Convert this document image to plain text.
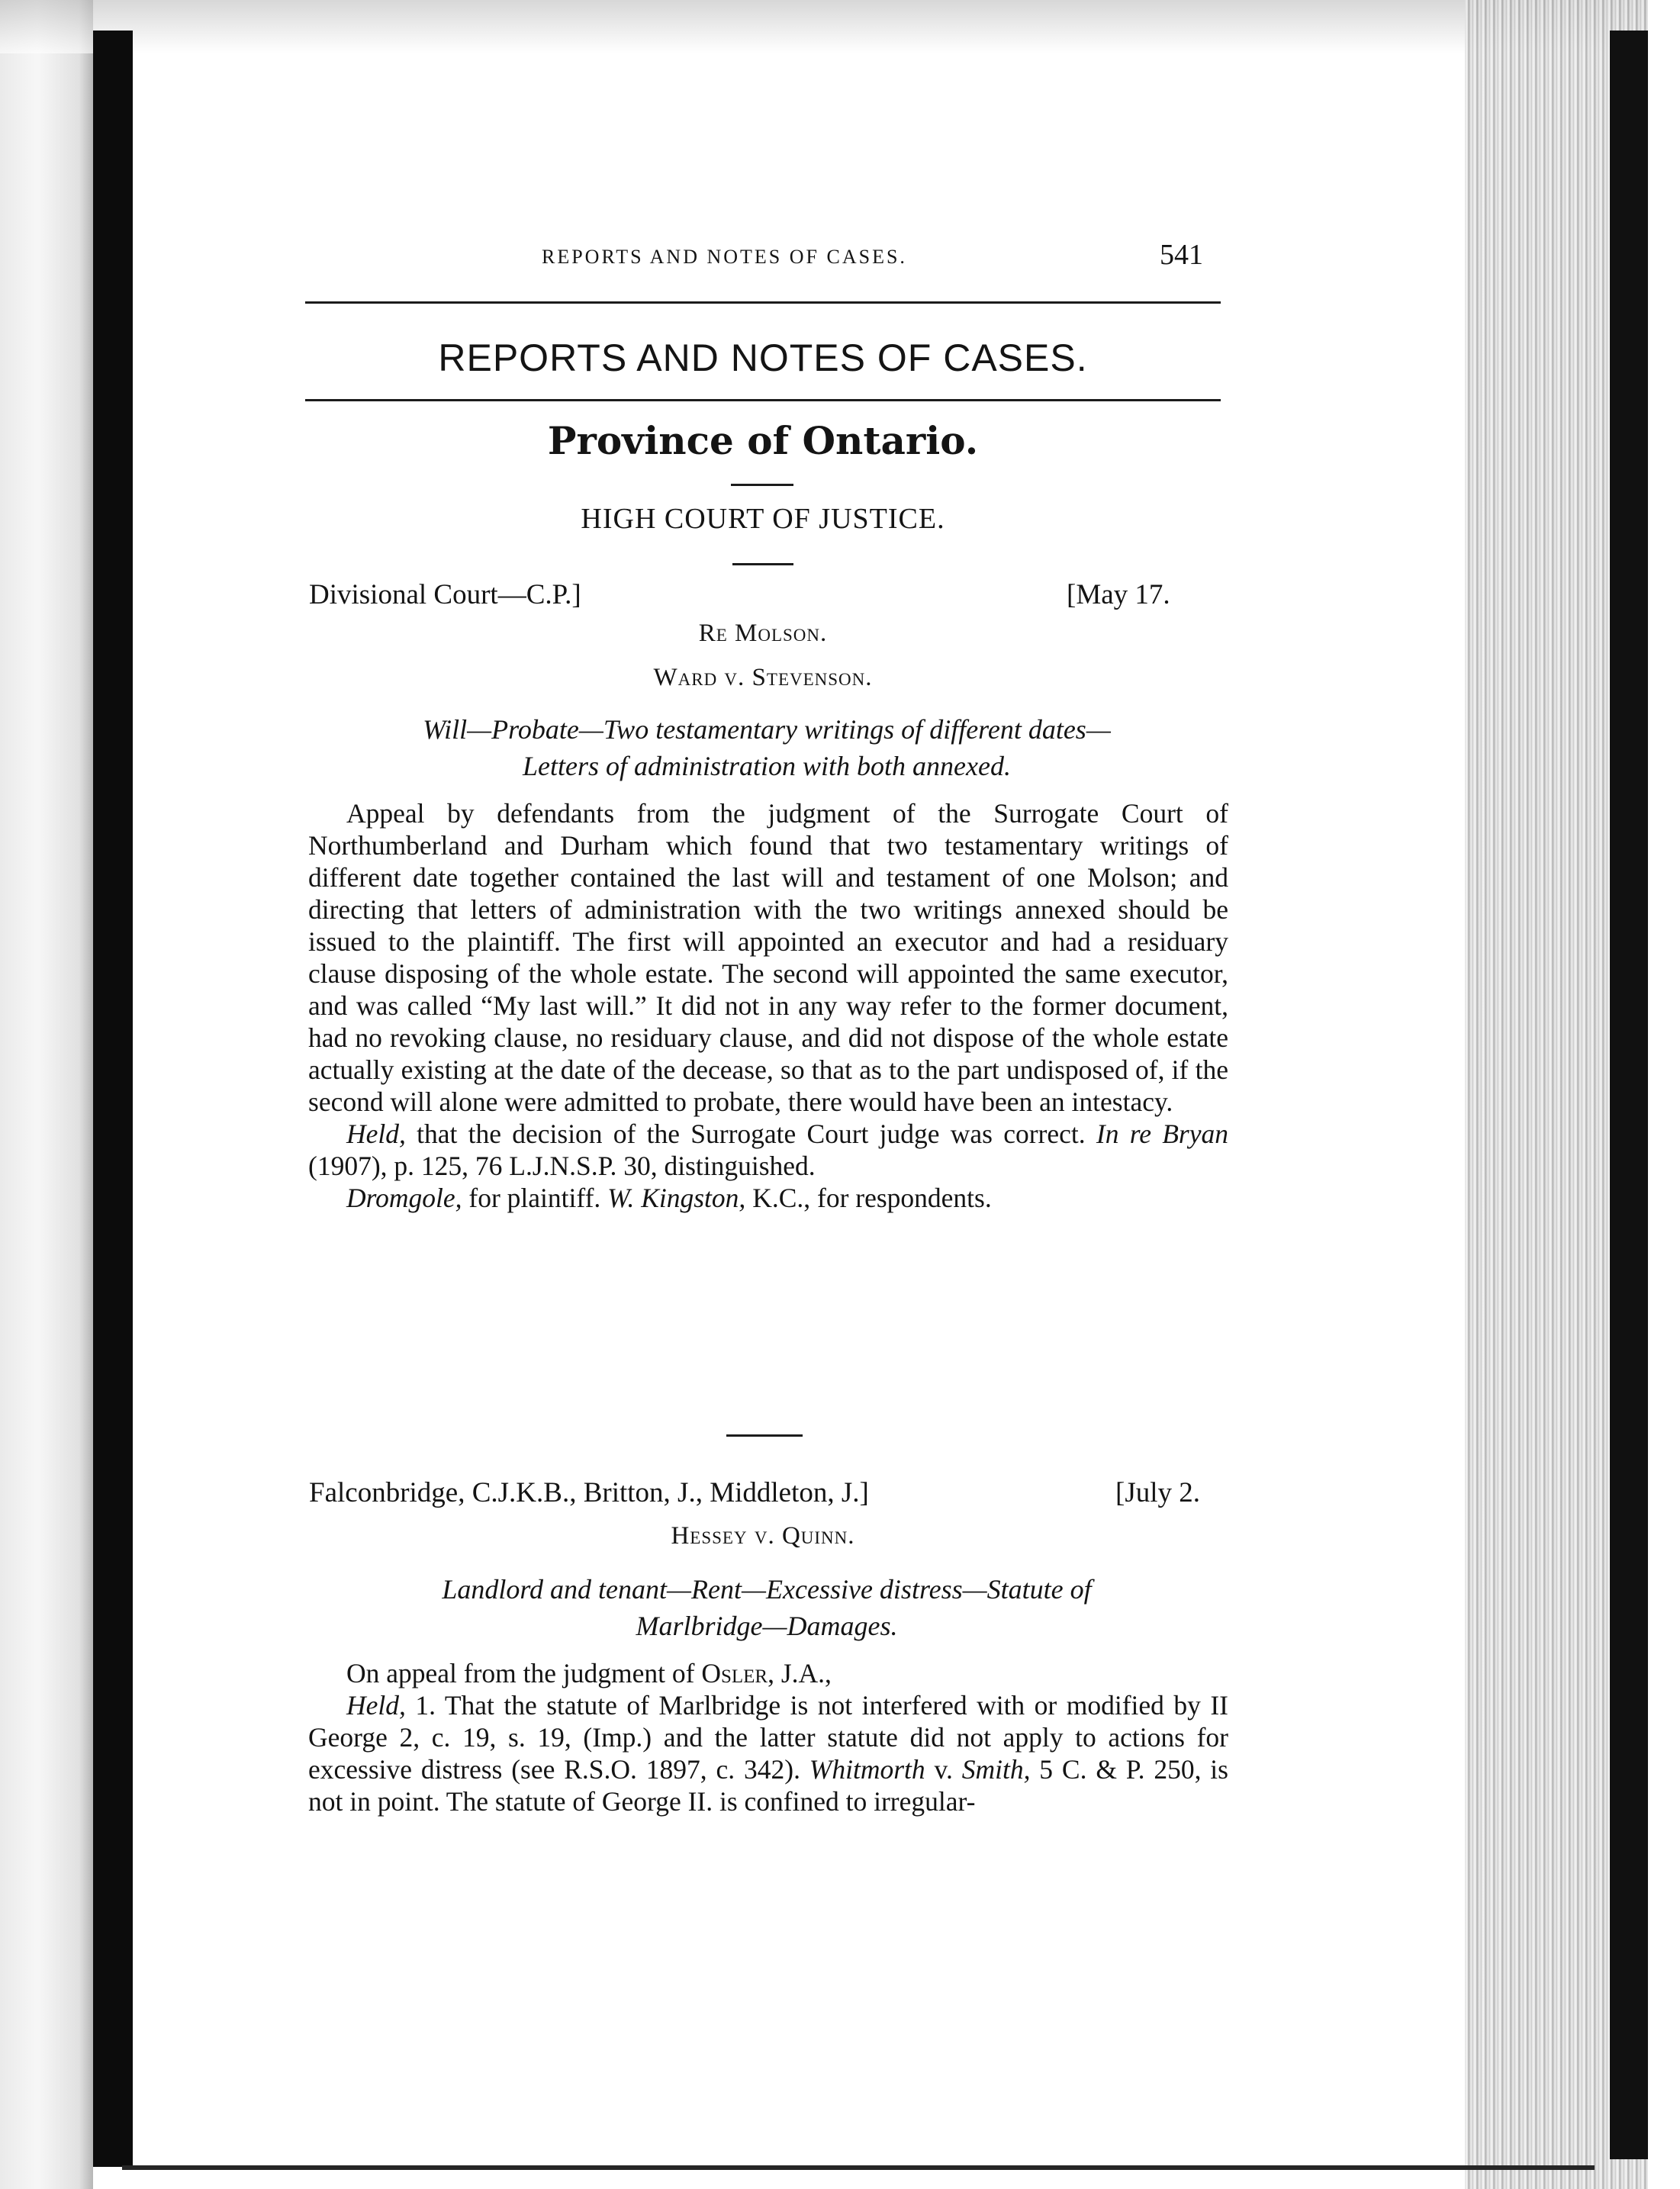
REPORTS AND NOTES OF CASES.	541

REPORTS AND NOTES OF CASES.

Province of Ontario.

HIGH COURT OF JUSTICE.

Divisional Court—C.P.]	[May 17.

Re Molson.

Ward v. Stevenson.

Will—Probate—Two testamentary writings of different dates—

Letters of administration with both annexed.

Appeal by defendants from the judgment of the Surrogate Court of Northumberland and Durham which found that two testamentary writings of different date together contained the last will and testament of one Molson; and directing that letters of administration with the two writings annexed should be issued to the plaintiff. The first will appointed an executor and had a residuary clause disposing of the whole estate. The second will appointed the same executor, and was called “My last will.” It did not in any way refer to the former document, had no revoking clause, no residuary clause, and did not dispose of the whole estate actually existing at the date of the decease, so that as to the part undisposed of, if the second will alone were admitted to probate, there would have been an intestacy.

Held, that the decision of the Surrogate Court judge was correct. In re Bryan (1907), p. 125, 76 L.J.N.S.P. 30, distinguished.

Dromgole, for plaintiff. W. Kingston, K.C., for respondents.

Falconbridge, C.J.K.B., Britton, J., Middleton, J.]	[July 2.

Hessey v. Quinn.

Landlord and tenant—Rent—Excessive distress—Statute of

Marlbridge—Damages.

On appeal from the judgment of Osler, J.A.,

Held, 1. That the statute of Marlbridge is not interfered with or modified by II George 2, c. 19, s. 19, (Imp.) and the latter statute did not apply to actions for excessive distress (see R.S.O. 1897, c. 342). Whitmorth v. Smith, 5 C. & P. 250, is not in point. The statute of George II. is confined to irregular-
